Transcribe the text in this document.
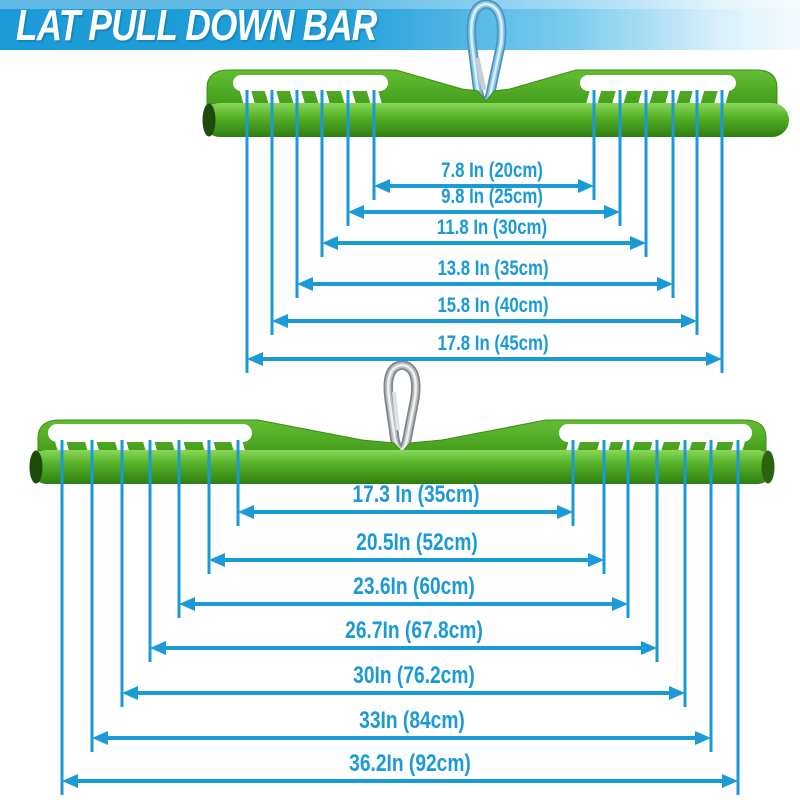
LAT PULL DOWN BAR
7.8 In (20cm)
9.8 In (25cm)
11.8 In (30cm)
13.8 In (35cm)
15.8 In (40cm)
17.8 In (45cm)
17.3 In (35cm)
20.5In (52cm)
23.6In (60cm)
26.7In (67.8cm)
30In (76.2cm)
33In (84cm)
36.2In (92cm)
